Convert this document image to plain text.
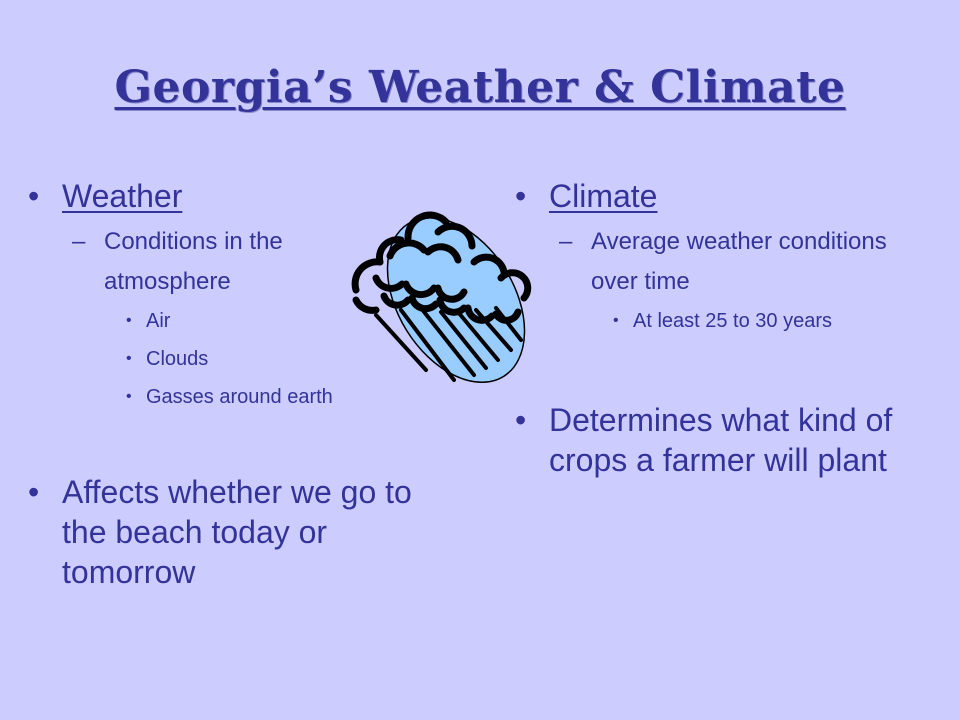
Georgia’s Weather & Climate
• Weather
– Conditions in the atmosphere
• Air
• Clouds
• Gasses around earth
• Affects whether we go to the beach today or tomorrow
• Climate
– Average weather conditions over time
• At least 25 to 30 years
• Determines what kind of crops a farmer will plant
